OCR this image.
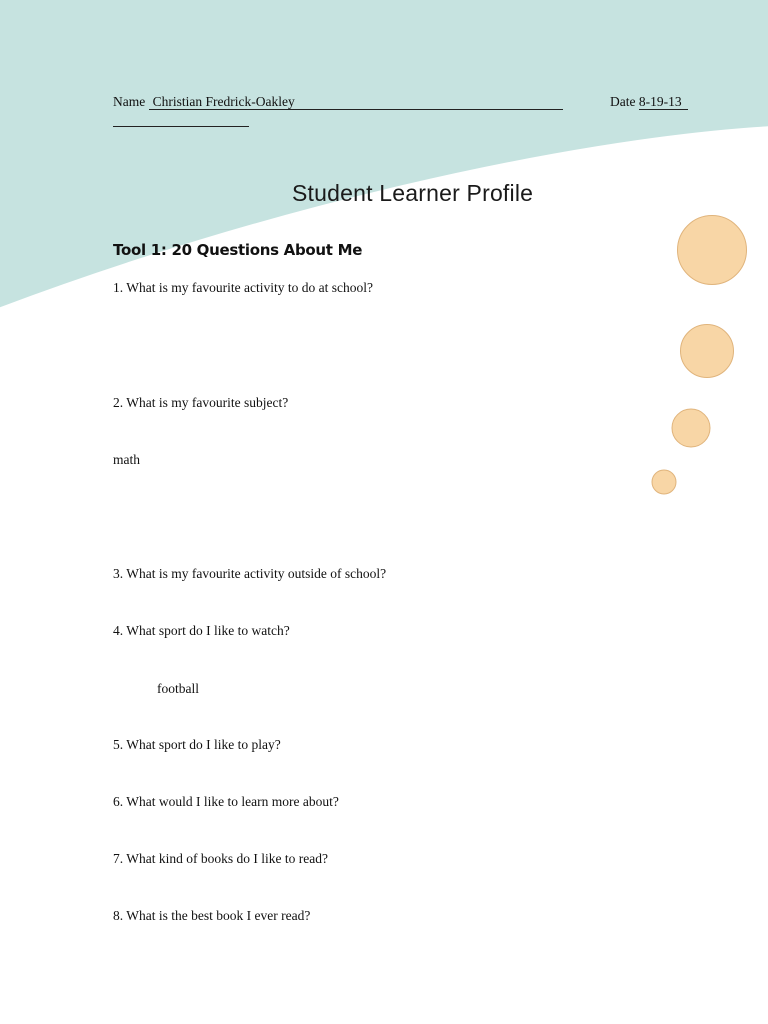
Name Christian Fredrick-Oakley	Date 8-19-13
Student Learner Profile
Tool 1: 20 Questions About Me
1. What is my favourite activity to do at school?
2. What is my favourite subject?
math
3. What is my favourite activity outside of school?
4. What sport do I like to watch?
football
5. What sport do I like to play?
6. What would I like to learn more about?
7. What kind of books do I like to read?
8. What is the best book I ever read?
